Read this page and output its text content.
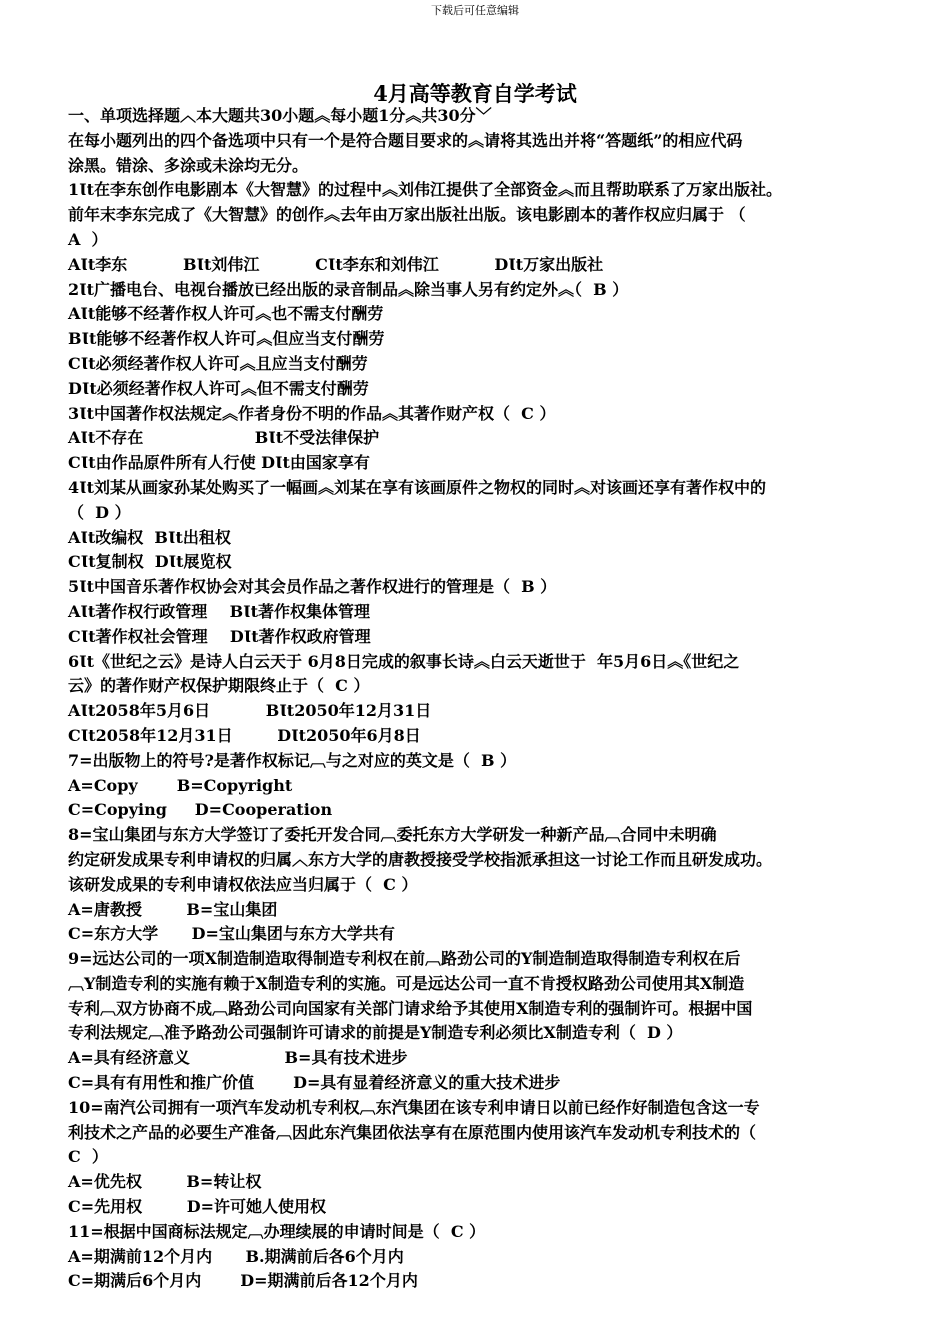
下载后可任意编辑
4月高等教育自学考试
一、单项选择题︿本大题共30小题︽每小题1分︽共30分﹀
在每小题列出的四个备选项中只有一个是符合题目要求的︽请将其选出并将“答题纸”的相应代码
涂黑。错涂、多涂或未涂均无分。
1Ɩt在李东创作电影剧本《大智慧》的过程中︽刘伟江提供了全部资金︽而且帮助联系了万家出版社。
前年末李东完成了《大智慧》的创作︽去年由万家出版社出版。该电影剧本的著作权应归属于 （
A  ）
AƖt李东          BƖt刘伟江          CƖt李东和刘伟江          DƖt万家出版社
2Ɩt广播电台、电视台播放已经出版的录音制品︽除当事人另有约定外︽（  B ）
AƖt能够不经著作权人许可︽也不需支付酬劳
BƖt能够不经著作权人许可︽但应当支付酬劳
CƖt必须经著作权人许可︽且应当支付酬劳
DƖt必须经著作权人许可︽但不需支付酬劳
3Ɩt中国著作权法规定︽作者身份不明的作品︽其著作财产权（  C ）
AƖt不存在                    BƖt不受法律保护
CƖt由作品原件所有人行使 DƖt由国家享有
4Ɩt刘某从画家孙某处购买了一幅画︽刘某在享有该画原件之物权的同时︽对该画还享有著作权中的
（  D ）
AƖt改编权  BƖt出租权
CƖt复制权  DƖt展览权
5Ɩt中国音乐著作权协会对其会员作品之著作权进行的管理是（  B ）
AƖt著作权行政管理    BƖt著作权集体管理
CƖt著作权社会管理    DƖt著作权政府管理
6Ɩt《世纪之云》是诗人白云天于 6月8日完成的叙事长诗︽白云天逝世于  年5月6日︽《世纪之
云》的著作财产权保护期限终止于（  C ）
AƖt2058年5月6日          BƖt2050年12月31日
CƖt2058年12月31日        DƖt2050年6月8日
7=出版物上的符号?是著作权标记︹与之对应的英文是（  B ）
A=Copy       B=Copyright
C=Copying     D=Cooperation
8=宝山集团与东方大学签订了委托开发合同︹委托东方大学研发一种新产品︹合同中未明确
约定研发成果专利申请权的归属︿东方大学的唐教授接受学校指派承担这一讨论工作而且研发成功。
该研发成果的专利申请权依法应当归属于（  C ）
A=唐教授        B=宝山集团
C=东方大学      D=宝山集团与东方大学共有
9=远达公司的一项X制造制造取得制造专利权在前︹路劲公司的Y制造制造取得制造专利权在后
︹Y制造专利的实施有赖于X制造专利的实施。可是远达公司一直不肯授权路劲公司使用其X制造
专利︹双方协商不成︹路劲公司向国家有关部门请求给予其使用X制造专利的强制许可。根据中国
专利法规定︹准予路劲公司强制许可请求的前提是Y制造专利必须比X制造专利（  D ）
A=具有经济意义                 B=具有技术进步
C=具有有用性和推广价值       D=具有显着经济意义的重大技术进步
10=南汽公司拥有一项汽车发动机专利权︹东汽集团在该专利申请日以前已经作好制造包含这一专
利技术之产品的必要生产准备︹因此东汽集团依法享有在原范围内使用该汽车发动机专利技术的（
C  ）
A=优先权        B=转让权
C=先用权        D=许可她人使用权
11=根据中国商标法规定︹办理续展的申请时间是（  C ）
A=期满前12个月内      B.期满前后各6个月内
C=期满后6个月内       D=期满前后各12个月内
